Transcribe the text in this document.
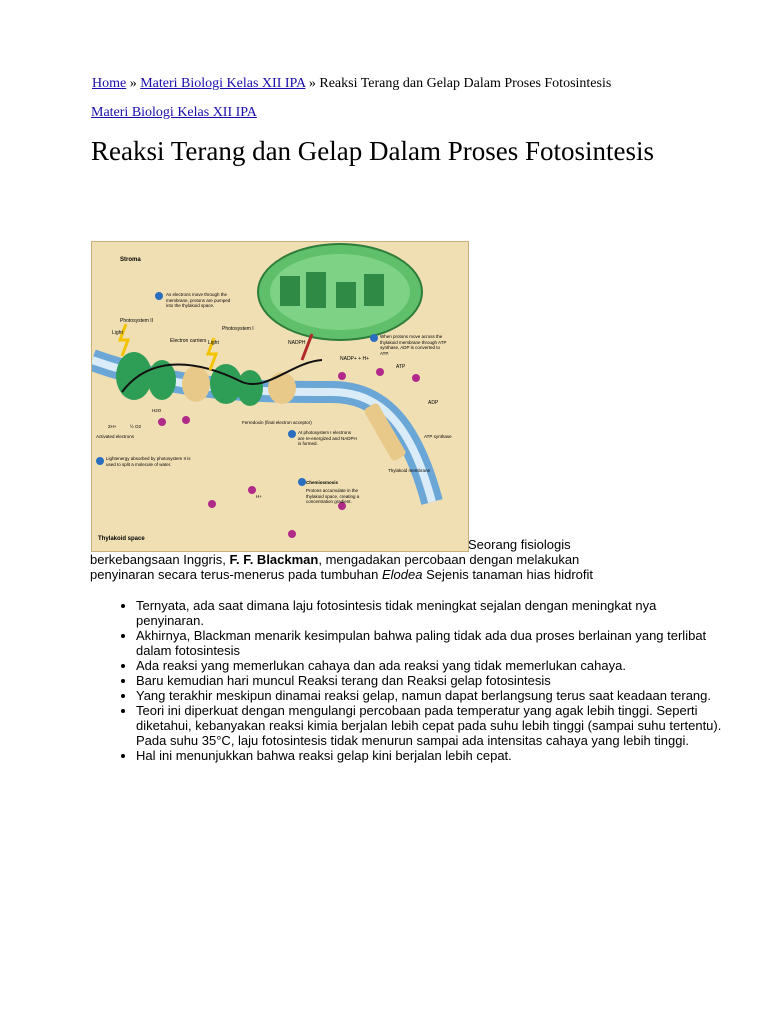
Home » Materi Biologi Kelas XII IPA » Reaksi Terang dan Gelap Dalam Proses Fotosintesis
Materi Biologi Kelas XII IPA
Reaksi Terang dan Gelap Dalam Proses Fotosintesis
Stroma
Thylakoid space
Photosystem II
Photosystem I
Light
Light
Electron carriers	NADPH
NADP+ + H+
Ferredoxin (final electron acceptor)
ATP
ADP
ATP synthase
Thylakoid membrane
Chemiosmosis
Activated electrons
H2O
½ O2
2H+
H+
Lightenergy absorbed by photosystem II is used to split a molecule of water.
As electrons move through the membrane, protons are pumped into the thylakoid space.
At photosystem I electrons are re-energized and NADPH is formed.
Protons accumulate in the thylakoid space, creating a concentration gradient.
When protons move across the thylakoid membrane through ATP synthase, ADP is converted to ATP.
Seorang fisiologis
berkebangsaan Inggris, F. F. Blackman, mengadakan percobaan dengan melakukan
penyinaran secara terus-menerus pada tumbuhan Elodea Sejenis tanaman hias hidrofit
• Ternyata, ada saat dimana laju fotosintesis tidak meningkat sejalan dengan meningkat nya penyinaran.
• Akhirnya, Blackman menarik kesimpulan bahwa paling tidak ada dua proses berlainan yang terlibat dalam fotosintesis
• Ada reaksi yang memerlukan cahaya dan ada reaksi yang tidak memerlukan cahaya.
• Baru kemudian hari muncul Reaksi terang dan Reaksi gelap fotosintesis
• Yang terakhir meskipun dinamai reaksi gelap, namun dapat berlangsung terus saat keadaan terang.
• Teori ini diperkuat dengan mengulangi percobaan pada temperatur yang agak lebih tinggi. Seperti diketahui, kebanyakan reaksi kimia berjalan lebih cepat pada suhu lebih tinggi (sampai suhu tertentu). Pada suhu 35°C, laju fotosintesis tidak menurun sampai ada intensitas cahaya yang lebih tinggi.
• Hal ini menunjukkan bahwa reaksi gelap kini berjalan lebih cepat.
